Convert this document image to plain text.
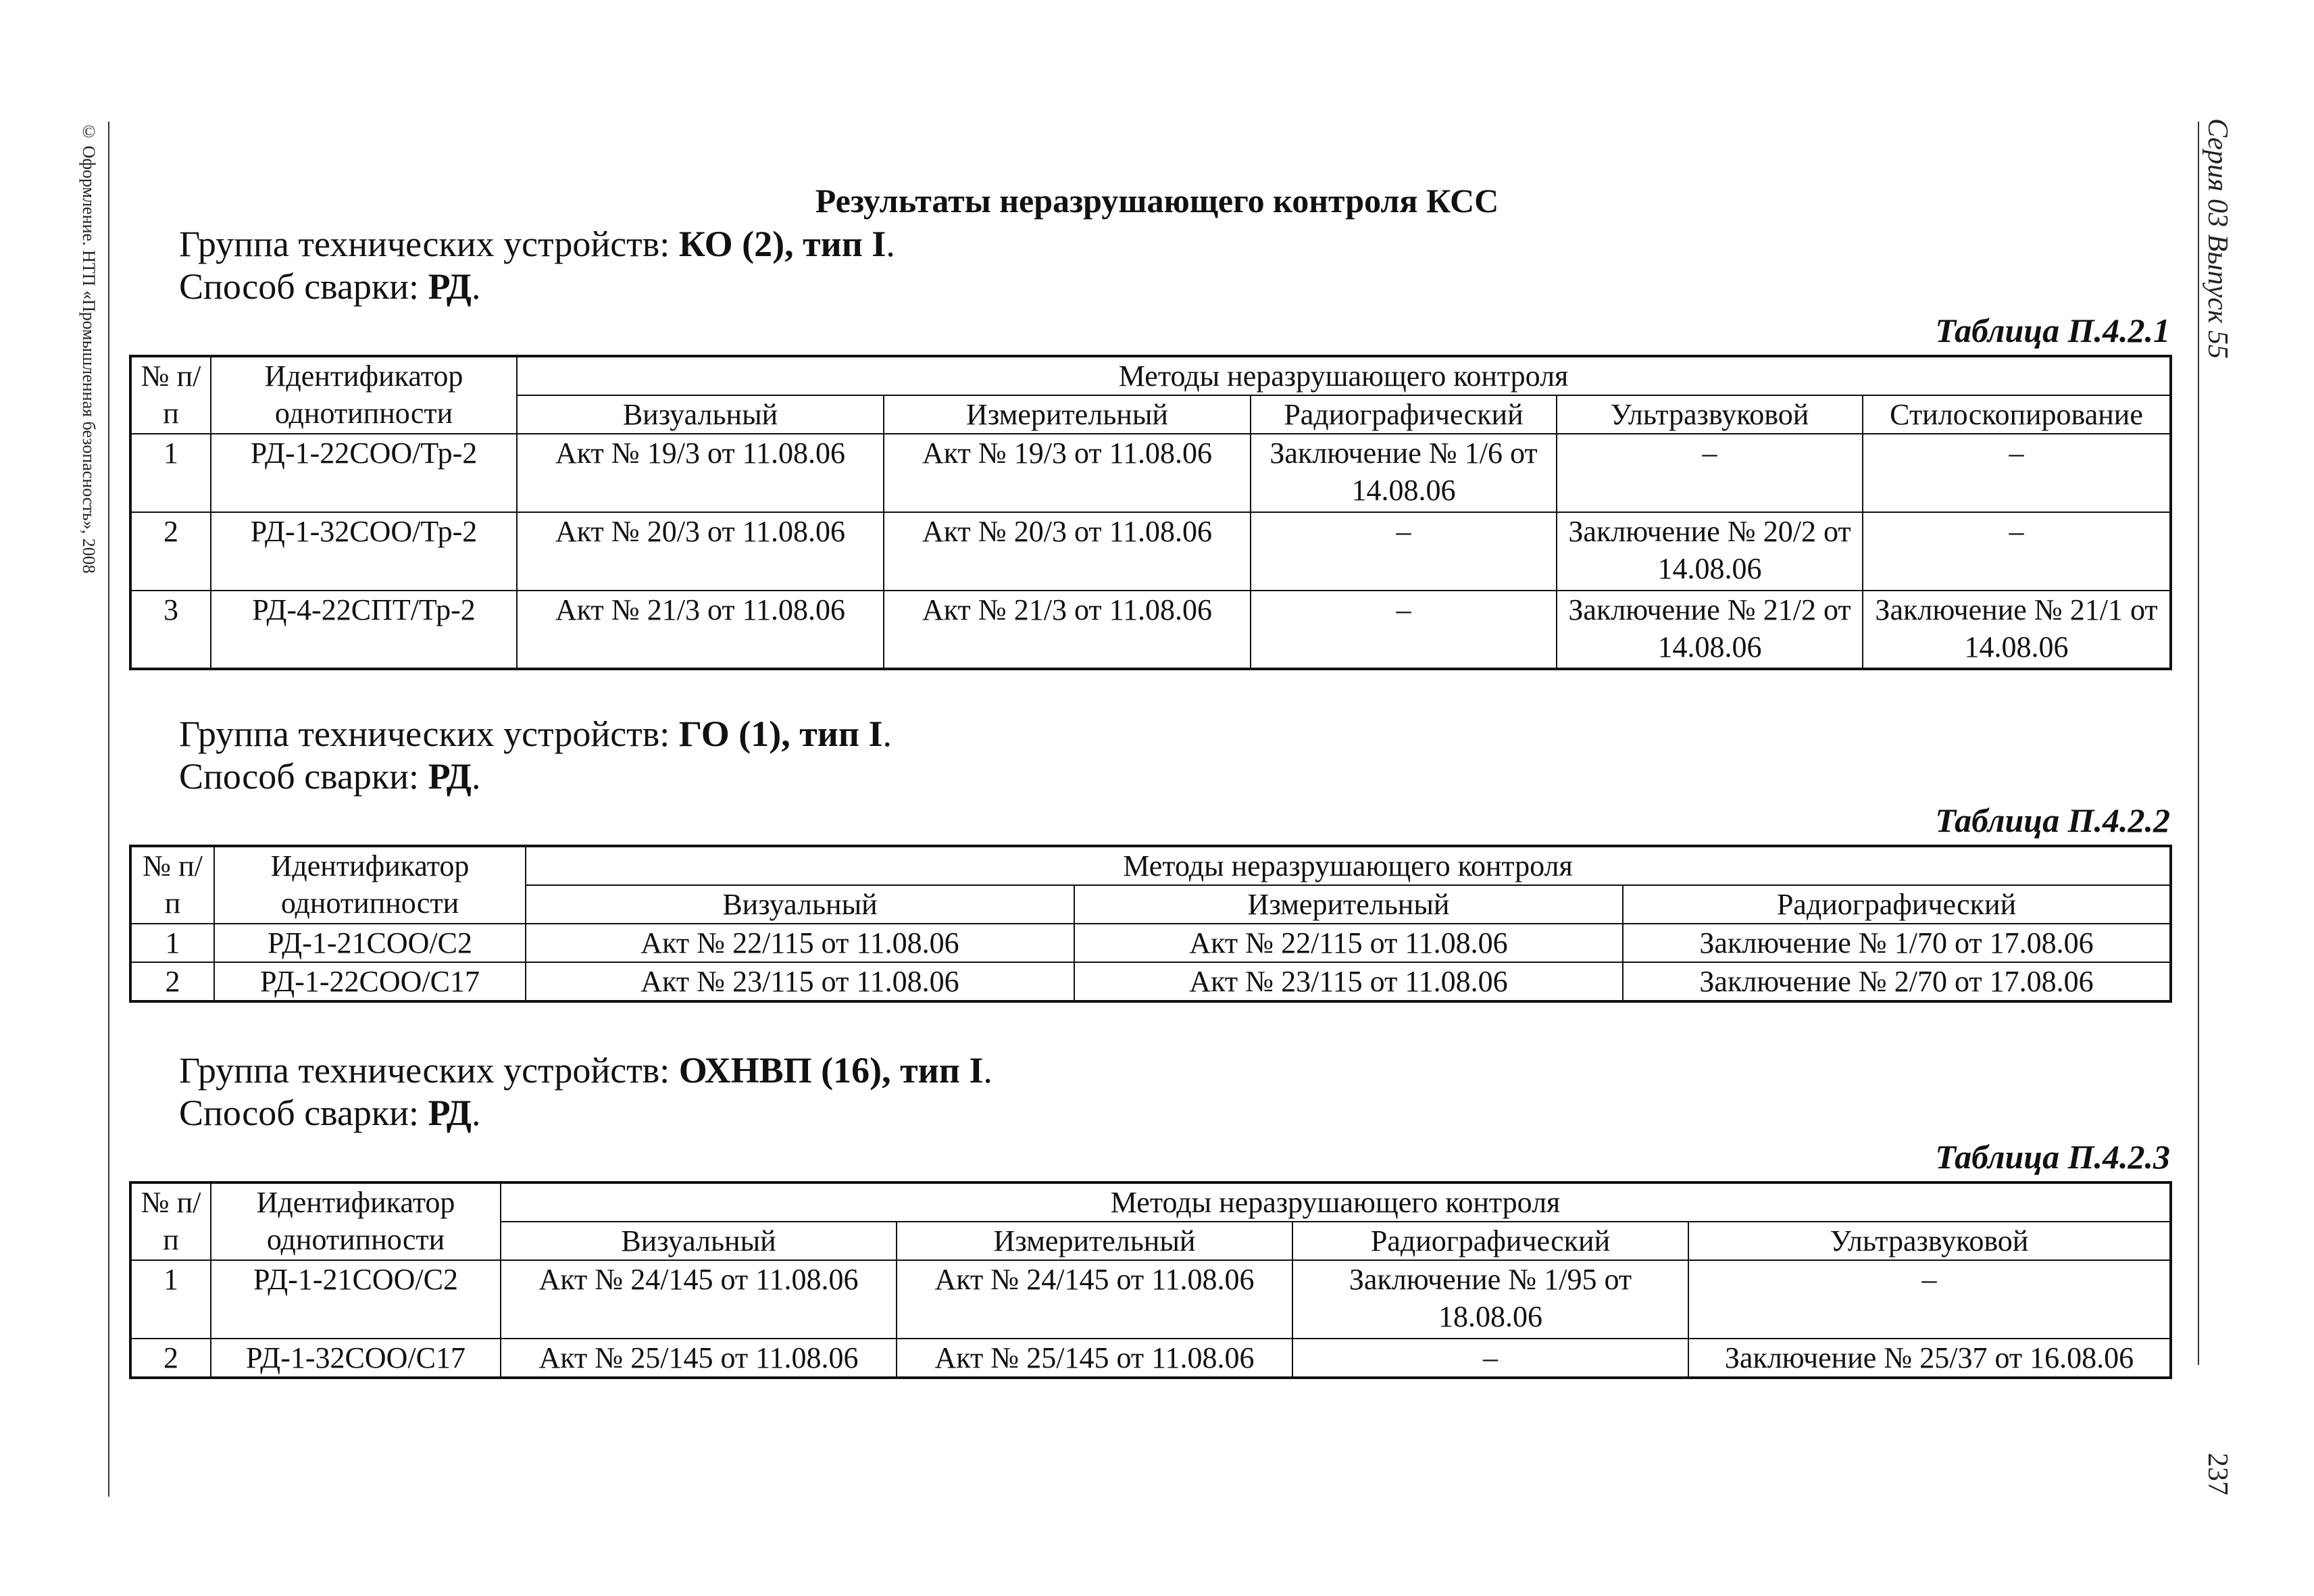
© Оформление. НТП «Промышленная безопасность», 2008	Серия 03 Выпуск 55
237
Результаты неразрушающего контроля КСС
Группа технических устройств: КО (2), тип I.
Способ сварки: РД.
Таблица П.4.2.1
№ п/п	Идентификатор однотипности	Методы неразрушающего контроля				
		Визуальный	Измерительный	Радиографический	Ультразвуковой	Стилоскопирование
1	РД-1-22СОО/Тр-2	Акт № 19/3 от 11.08.06	Акт № 19/3 от 11.08.06	Заключение № 1/6 от 14.08.06	–	–
2	РД-1-32СОО/Тр-2	Акт № 20/3 от 11.08.06	Акт № 20/3 от 11.08.06	–	Заключение № 20/2 от 14.08.06	–
3	РД-4-22СПТ/Тр-2	Акт № 21/3 от 11.08.06	Акт № 21/3 от 11.08.06	–	Заключение № 21/2 от 14.08.06	Заключение № 21/1 от 14.08.06
Группа технических устройств: ГО (1), тип I.
Способ сварки: РД.
Таблица П.4.2.2
№ п/п	Идентификатор однотипности	Методы неразрушающего контроля		
		Визуальный	Измерительный	Радиографический
1	РД-1-21СОО/С2	Акт № 22/115 от 11.08.06	Акт № 22/115 от 11.08.06	Заключение № 1/70 от 17.08.06
2	РД-1-22СОО/С17	Акт № 23/115 от 11.08.06	Акт № 23/115 от 11.08.06	Заключение № 2/70 от 17.08.06
Группа технических устройств: ОХНВП (16), тип I.
Способ сварки: РД.
Таблица П.4.2.3
№ п/п	Идентификатор однотипности	Методы неразрушающего контроля			
		Визуальный	Измерительный	Радиографический	Ультразвуковой
1	РД-1-21СОО/С2	Акт № 24/145 от 11.08.06	Акт № 24/145 от 11.08.06	Заключение № 1/95 от 18.08.06	–
2	РД-1-32СОО/С17	Акт № 25/145 от 11.08.06	Акт № 25/145 от 11.08.06	–	Заключение № 25/37 от 16.08.06
